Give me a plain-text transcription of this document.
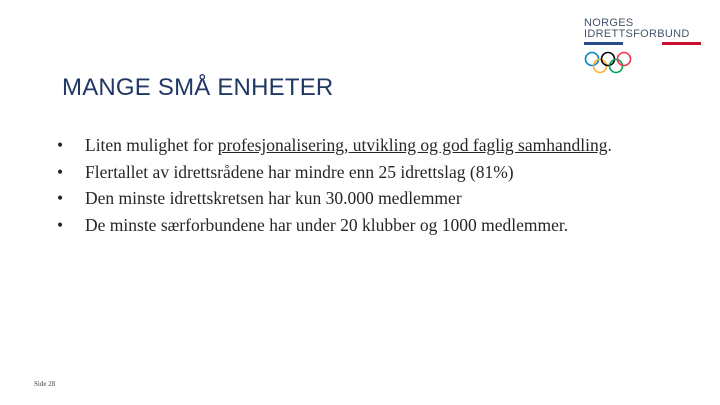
NORGES
IDRETTSFORBUND
MANGE SMÅ ENHETER
• Liten mulighet for profesjonalisering, utvikling og god faglig samhandling.
• Flertallet av idrettsrådene har mindre enn 25 idrettslag (81%)
• Den minste idrettskretsen har kun 30.000 medlemmer
• De minste særforbundene har under 20 klubber og 1000 medlemmer.
Side 28
